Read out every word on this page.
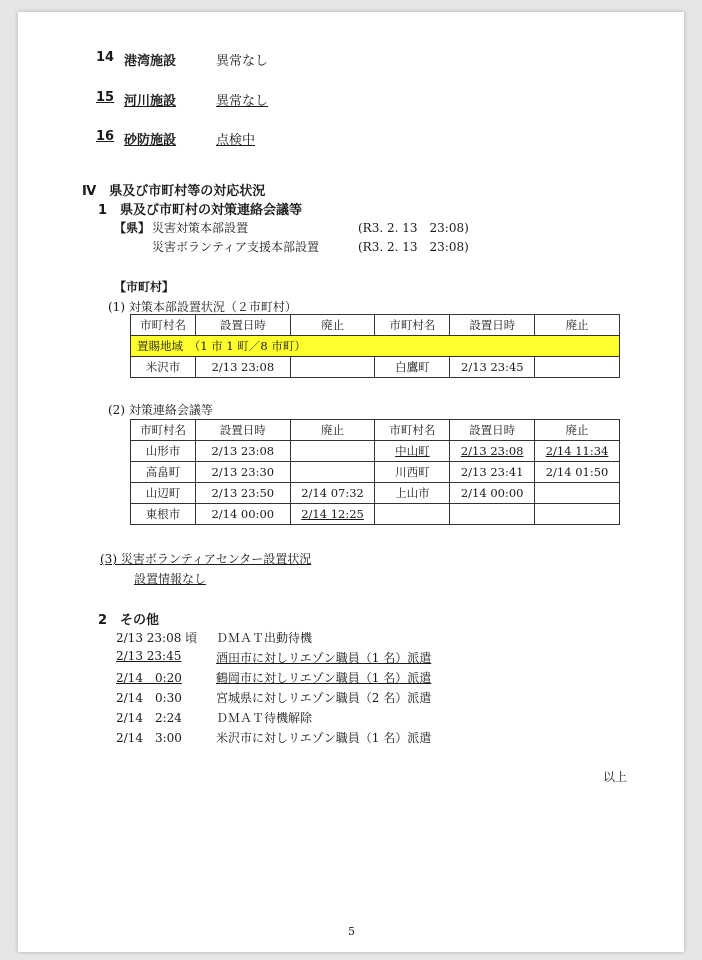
14 港湾施設	異常なし
15 河川施設	異常なし
16 砂防施設	点検中
Ⅳ　県及び市町村等の対応状況
1　県及び市町村の対策連絡会議等
【県】 災害対策本部設置	(R3. 2. 13　23:08)
災害ボランティア支援本部設置	(R3. 2. 13　23:08)
【市町村】
(1) 対策本部設置状況（２市町村）
市町村名	設置日時	廃止	市町村名	設置日時	廃止
置賜地域　（1 市 1 町／8 市町）					
米沢市	2/13 23:08		白鷹町	2/13 23:45	
(2) 対策連絡会議等
市町村名	設置日時	廃止	市町村名	設置日時	廃止
山形市	2/13 23:08		中山町	2/13 23:08	2/14 11:34
高畠町	2/13 23:30		川西町	2/13 23:41	2/14 01:50
山辺町	2/13 23:50	2/14 07:32	上山市	2/14 00:00	
東根市	2/14 00:00	2/14 12:25			
(3) 災害ボランティアセンター設置状況
設置情報なし
2　その他
2/13 23:08 頃 ＤＭＡＴ出動待機
2/13 23:45	酒田市に対しリエゾン職員（1 名）派遣
2/14　0:20	鶴岡市に対しリエゾン職員（1 名）派遣
2/14　0:30	宮城県に対しリエゾン職員（2 名）派遣
2/14　2:24	ＤＭＡＴ待機解除
2/14　3:00	米沢市に対しリエゾン職員（1 名）派遣
以上
5
